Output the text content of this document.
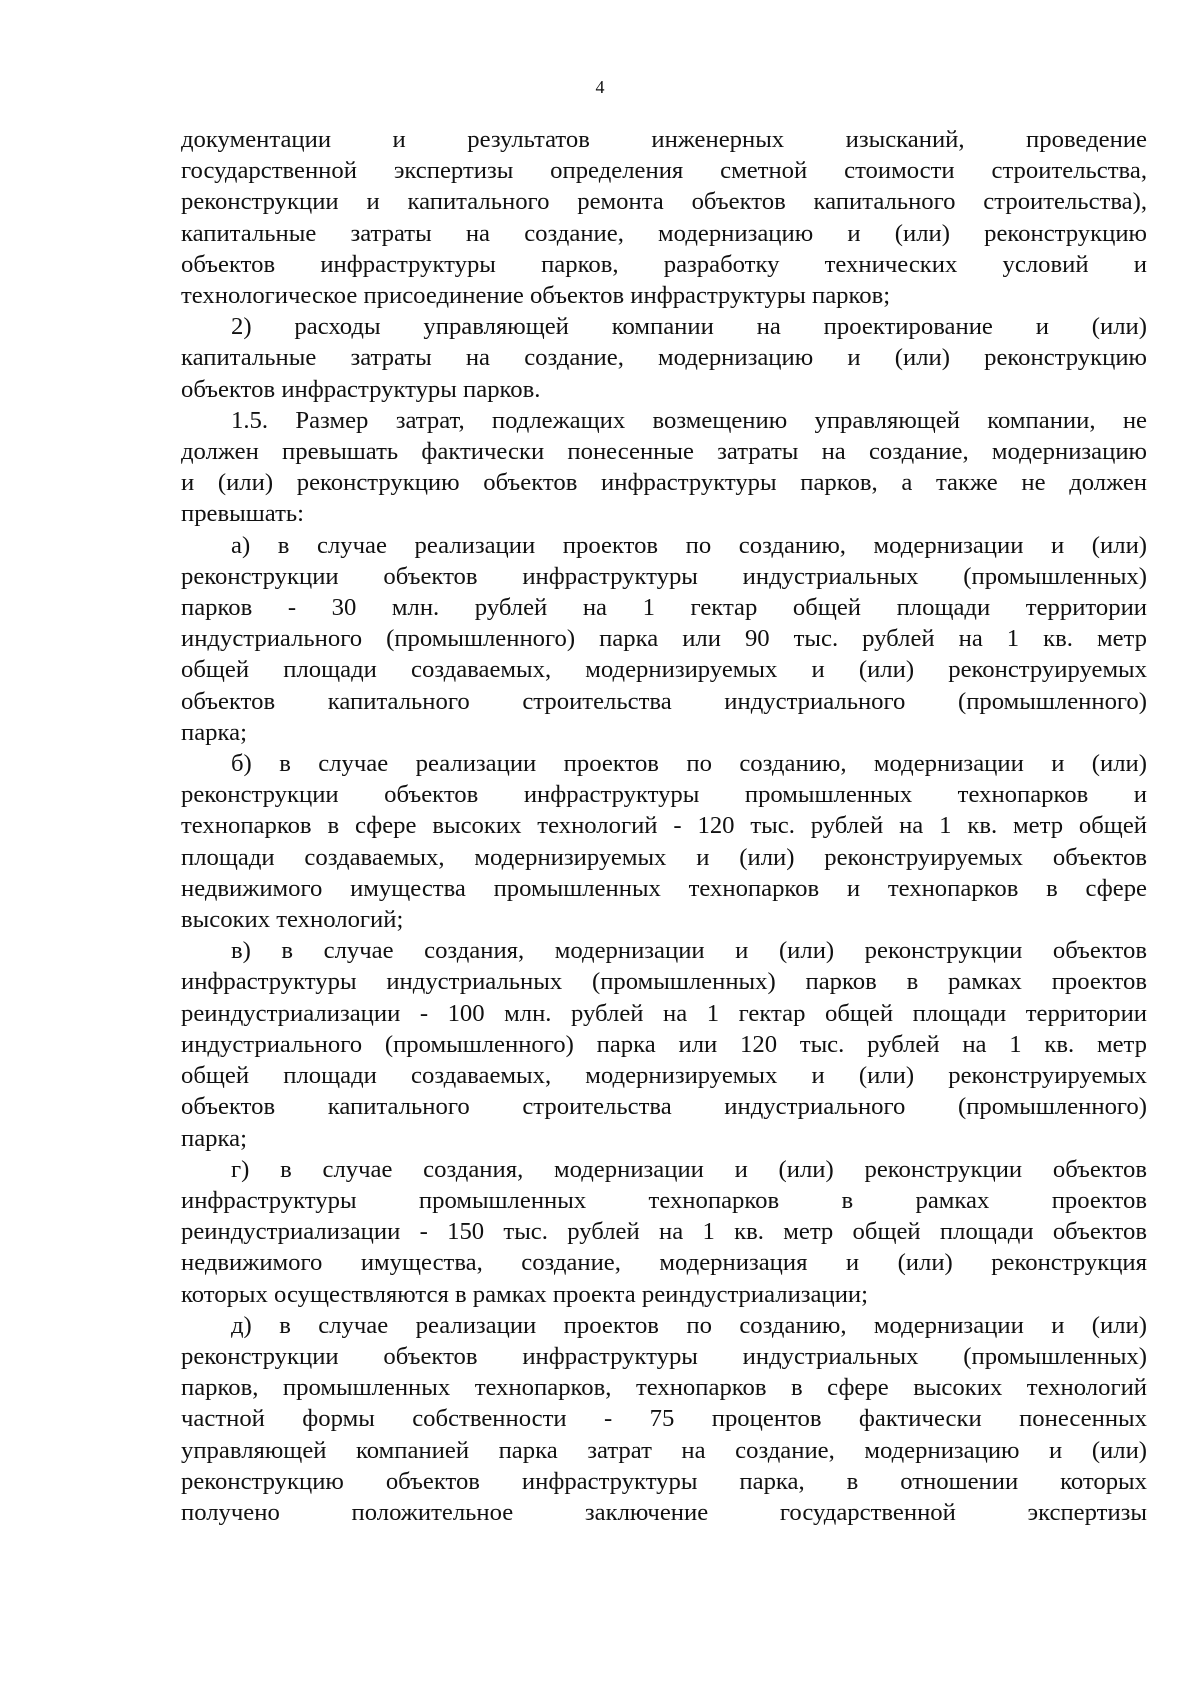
4

документации и результатов инженерных изысканий, проведение

государственной экспертизы определения сметной стоимости строительства,

реконструкции и капитального ремонта объектов капитального строительства),

капитальные затраты на создание, модернизацию и (или) реконструкцию

объектов инфраструктуры парков, разработку технических условий и

технологическое присоединение объектов инфраструктуры парков;

2) расходы управляющей компании на проектирование и (или)

капитальные затраты на создание, модернизацию и (или) реконструкцию

объектов инфраструктуры парков.

1.5. Размер затрат, подлежащих возмещению управляющей компании, не

должен превышать фактически понесенные затраты на создание, модернизацию

и (или) реконструкцию объектов инфраструктуры парков, а также не должен

превышать:

а) в случае реализации проектов по созданию, модернизации и (или)

реконструкции объектов инфраструктуры индустриальных (промышленных)

парков - 30 млн. рублей на 1 гектар общей площади территории

индустриального (промышленного) парка или 90 тыс. рублей на 1 кв. метр

общей площади создаваемых, модернизируемых и (или) реконструируемых

объектов капитального строительства индустриального (промышленного)

парка;

б) в случае реализации проектов по созданию, модернизации и (или)

реконструкции объектов инфраструктуры промышленных технопарков и

технопарков в сфере высоких технологий - 120 тыс. рублей на 1 кв. метр общей

площади создаваемых, модернизируемых и (или) реконструируемых объектов

недвижимого имущества промышленных технопарков и технопарков в сфере

высоких технологий;

в) в случае создания, модернизации и (или) реконструкции объектов

инфраструктуры индустриальных (промышленных) парков в рамках проектов

реиндустриализации - 100 млн. рублей на 1 гектар общей площади территории

индустриального (промышленного) парка или 120 тыс. рублей на 1 кв. метр

общей площади создаваемых, модернизируемых и (или) реконструируемых

объектов капитального строительства индустриального (промышленного)

парка;

г) в случае создания, модернизации и (или) реконструкции объектов

инфраструктуры промышленных технопарков в рамках проектов

реиндустриализации - 150 тыс. рублей на 1 кв. метр общей площади объектов

недвижимого имущества, создание, модернизация и (или) реконструкция

которых осуществляются в рамках проекта реиндустриализации;

д) в случае реализации проектов по созданию, модернизации и (или)

реконструкции объектов инфраструктуры индустриальных (промышленных)

парков, промышленных технопарков, технопарков в сфере высоких технологий

частной формы собственности - 75 процентов фактически понесенных

управляющей компанией парка затрат на создание, модернизацию и (или)

реконструкцию объектов инфраструктуры парка, в отношении которых

получено положительное заключение государственной экспертизы
